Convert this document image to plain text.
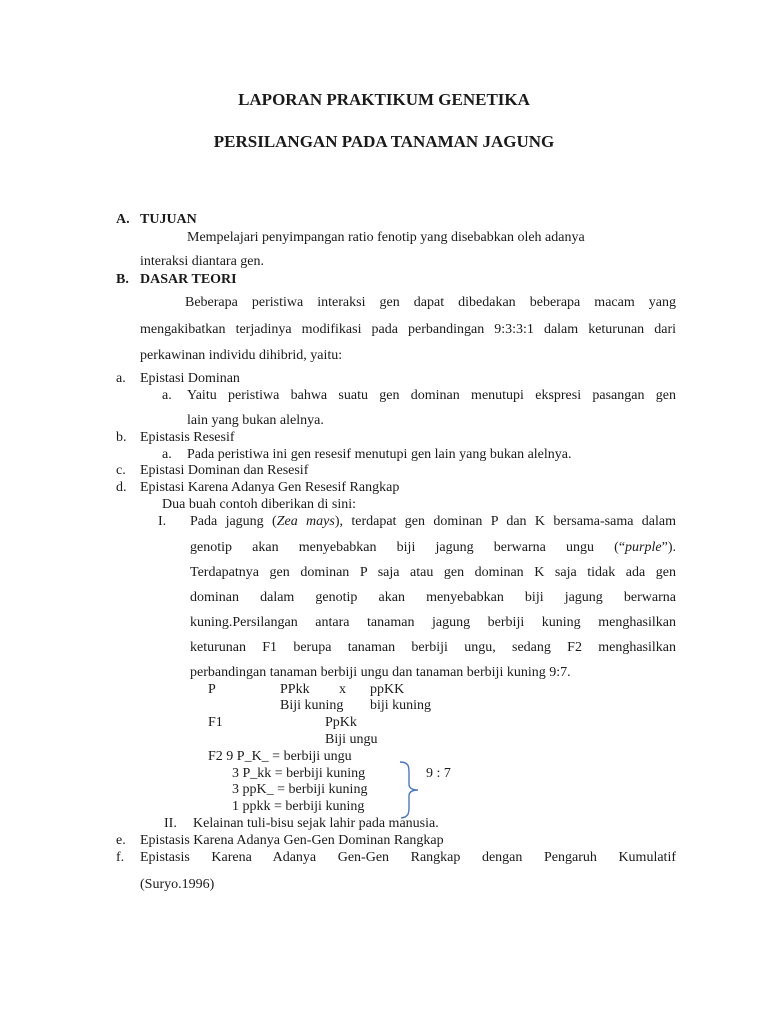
LAPORAN PRAKTIKUM GENETIKA
PERSILANGAN PADA TANAMAN JAGUNG
A. TUJUAN
Mempelajari penyimpangan ratio fenotip yang disebabkan oleh adanya
interaksi diantara gen.
B. DASAR TEORI
Beberapa peristiwa interaksi gen dapat dibedakan beberapa macam yang
mengakibatkan terjadinya modifikasi pada perbandingan 9:3:3:1 dalam keturunan dari
perkawinan individu dihibrid, yaitu:
a. Epistasi Dominan
a. Yaitu peristiwa bahwa suatu gen dominan menutupi ekspresi pasangan gen
lain yang bukan alelnya.
b. Epistasis Resesif
a. Pada peristiwa ini gen resesif menutupi gen lain yang bukan alelnya.
c. Epistasi Dominan dan Resesif
d. Epistasi Karena Adanya Gen Resesif Rangkap
Dua buah contoh diberikan di sini:
I. Pada jagung (Zea mays), terdapat gen dominan P dan K bersama-sama dalam
genotip akan menyebabkan biji jagung berwarna ungu (“purple”).
Terdapatnya gen dominan P saja atau gen dominan K saja tidak ada gen
dominan dalam genotip akan menyebabkan biji jagung berwarna
kuning.Persilangan antara tanaman jagung berbiji kuning menghasilkan
keturunan F1 berupa tanaman berbiji ungu, sedang F2 menghasilkan
perbandingan tanaman berbiji ungu dan tanaman berbiji kuning 9:7.
P	PPkk x ppKK
Biji kuning biji kuning
F1	PpKk
Biji ungu
F2 9 P_K_ = berbiji ungu
3 P_kk = berbiji kuning
3 ppK_ = berbiji kuning
1 ppkk = berbiji kuning
9 : 7
II. Kelainan tuli-bisu sejak lahir pada manusia.
e. Epistasis Karena Adanya Gen-Gen Dominan Rangkap
f. Epistasis Karena Adanya Gen-Gen Rangkap dengan Pengaruh Kumulatif
(Suryo.1996)
